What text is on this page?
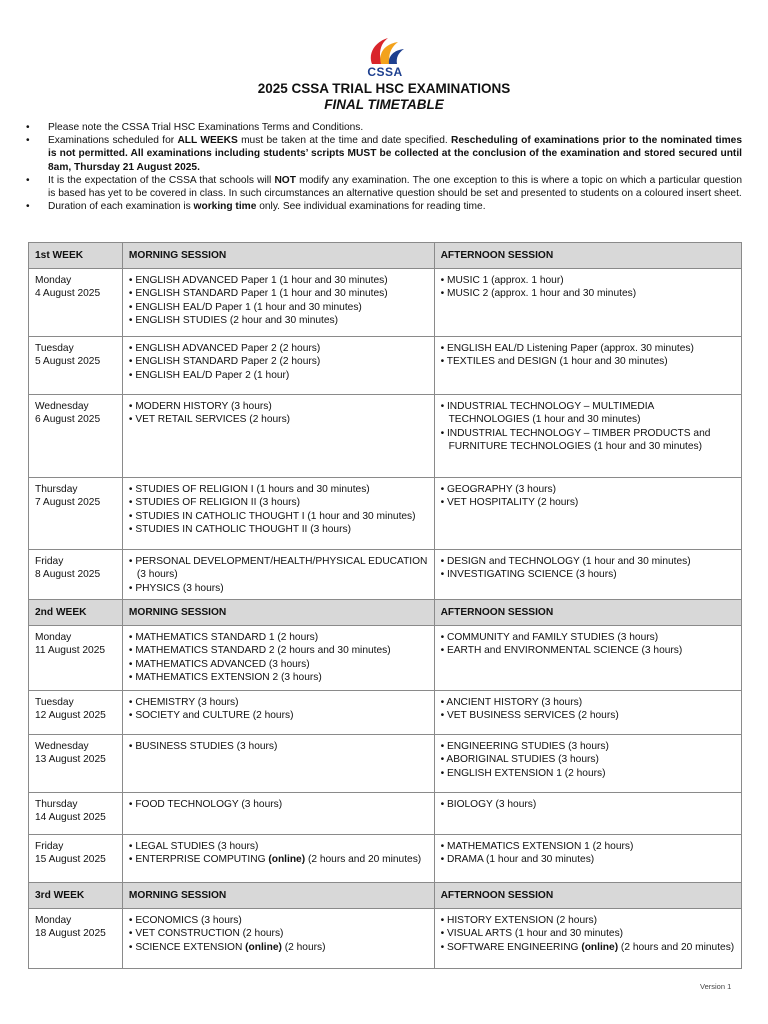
CSSA
2025 CSSA TRIAL HSC EXAMINATIONS
FINAL TIMETABLE
• Please note the CSSA Trial HSC Examinations Terms and Conditions.
• Examinations scheduled for ALL WEEKS must be taken at the time and date specified. Rescheduling of examinations prior to the nominated times is not permitted. All examinations including students’ scripts MUST be collected at the conclusion of the examination and stored secured until 8am, Thursday 21 August 2025.
• It is the expectation of the CSSA that schools will NOT modify any examination. The one exception to this is where a topic on which a particular question is based has yet to be covered in class. In such circumstances an alternative question should be set and presented to students on a coloured insert sheet.
• Duration of each examination is working time only. See individual examinations for reading time.
1st WEEK	MORNING SESSION	AFTERNOON SESSION

Monday
4 August 2025	• ENGLISH ADVANCED Paper 1 (1 hour and 30 minutes)
• ENGLISH STANDARD Paper 1 (1 hour and 30 minutes)
• ENGLISH EAL/D Paper 1 (1 hour and 30 minutes)
• ENGLISH STUDIES (2 hour and 30 minutes)	• MUSIC 1 (approx. 1 hour)
• MUSIC 2 (approx. 1 hour and 30 minutes)

Tuesday
5 August 2025	• ENGLISH ADVANCED Paper 2 (2 hours)
• ENGLISH STANDARD Paper 2 (2 hours)
• ENGLISH EAL/D Paper 2 (1 hour)	• ENGLISH EAL/D Listening Paper (approx. 30 minutes)
• TEXTILES and DESIGN (1 hour and 30 minutes)

Wednesday
6 August 2025	• MODERN HISTORY (3 hours)
• VET RETAIL SERVICES (2 hours)	• INDUSTRIAL TECHNOLOGY – MULTIMEDIA TECHNOLOGIES (1 hour and 30 minutes)
• INDUSTRIAL TECHNOLOGY – TIMBER PRODUCTS and FURNITURE TECHNOLOGIES (1 hour and 30 minutes)

Thursday
7 August 2025	• STUDIES OF RELIGION I (1 hours and 30 minutes)
• STUDIES OF RELIGION II (3 hours)
• STUDIES IN CATHOLIC THOUGHT I (1 hour and 30 minutes)
• STUDIES IN CATHOLIC THOUGHT II (3 hours)	• GEOGRAPHY (3 hours)
• VET HOSPITALITY (2 hours)

Friday
8 August 2025	• PERSONAL DEVELOPMENT/HEALTH/PHYSICAL EDUCATION (3 hours)
• PHYSICS (3 hours)	• DESIGN and TECHNOLOGY (1 hour and 30 minutes)
• INVESTIGATING SCIENCE (3 hours)

2nd WEEK	MORNING SESSION	AFTERNOON SESSION

Monday
11 August 2025	• MATHEMATICS STANDARD 1 (2 hours)
• MATHEMATICS STANDARD 2 (2 hours and 30 minutes)
• MATHEMATICS ADVANCED (3 hours)
• MATHEMATICS EXTENSION 2 (3 hours)	• COMMUNITY and FAMILY STUDIES (3 hours)
• EARTH and ENVIRONMENTAL SCIENCE (3 hours)

Tuesday
12 August 2025	• CHEMISTRY (3 hours)
• SOCIETY and CULTURE (2 hours)	• ANCIENT HISTORY (3 hours)
• VET BUSINESS SERVICES (2 hours)

Wednesday
13 August 2025	• BUSINESS STUDIES (3 hours)	• ENGINEERING STUDIES (3 hours)
• ABORIGINAL STUDIES (3 hours)
• ENGLISH EXTENSION 1 (2 hours)

Thursday
14 August 2025	• FOOD TECHNOLOGY (3 hours)	• BIOLOGY (3 hours)

Friday
15 August 2025	• LEGAL STUDIES (3 hours)
• ENTERPRISE COMPUTING (online) (2 hours and 20 minutes)	• MATHEMATICS EXTENSION 1 (2 hours)
• DRAMA (1 hour and 30 minutes)

3rd WEEK	MORNING SESSION	AFTERNOON SESSION

Monday
18 August 2025	• ECONOMICS (3 hours)
• VET CONSTRUCTION (2 hours)
• SCIENCE EXTENSION (online) (2 hours)	• HISTORY EXTENSION (2 hours)
• VISUAL ARTS (1 hour and 30 minutes)
• SOFTWARE ENGINEERING (online) (2 hours and 20 minutes)
Version 1
